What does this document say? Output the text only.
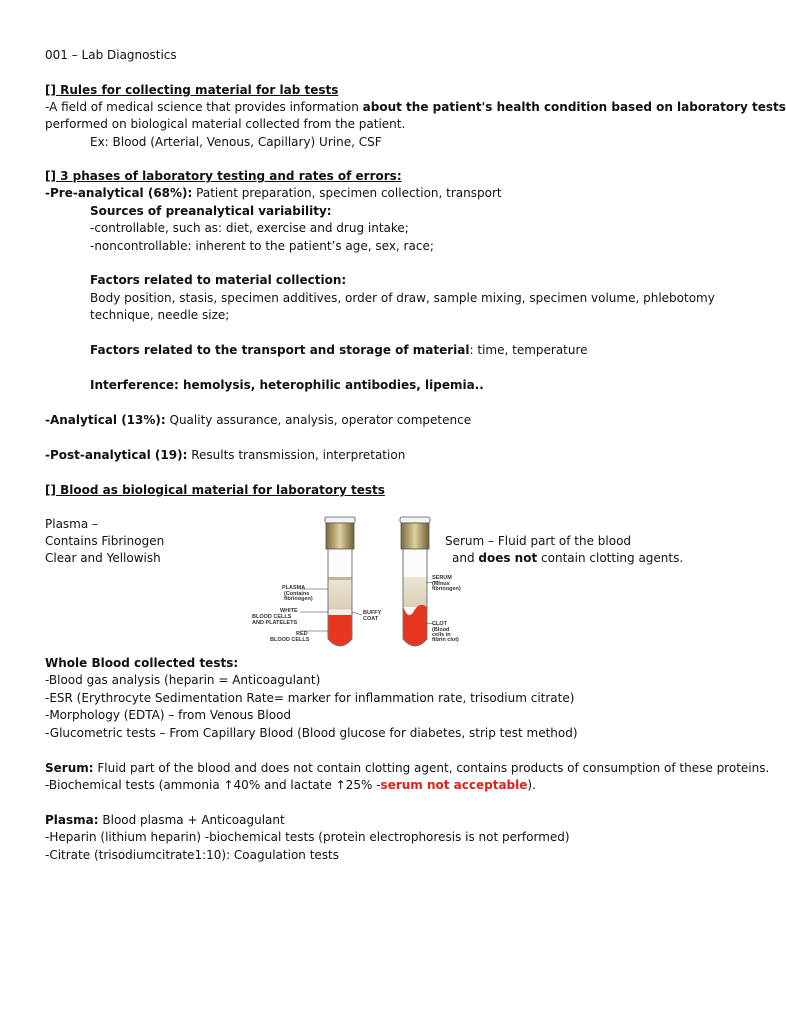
001 – Lab Diagnostics
[] Rules for collecting material for lab tests
-A field of medical science that provides information about the patient's health condition based on laboratory tests
performed on biological material collected from the patient.
Ex: Blood (Arterial, Venous, Capillary) Urine, CSF
[] 3 phases of laboratory testing and rates of errors:
-Pre-analytical (68%): Patient preparation, specimen collection, transport
Sources of preanalytical variability:
-controllable, such as: diet, exercise and drug intake;
-noncontrollable: inherent to the patient’s age, sex, race;
Factors related to material collection:
Body position, stasis, specimen additives, order of draw, sample mixing, specimen volume, phlebotomy
technique, needle size;
Factors related to the transport and storage of material: time, temperature
Interference: hemolysis, heterophilic antibodies, lipemia..
-Analytical (13%): Quality assurance, analysis, operator competence
-Post-analytical (19): Results transmission, interpretation
[] Blood as biological material for laboratory tests
Plasma –
Contains Fibrinogen
Clear and Yellowish
Serum – Fluid part of the blood
and does not contain clotting agents.
PLASMA
(Contains
fibrinogen)
WHITE
BLOOD CELLS
AND PLATELETS
BUFFY
COAT
RED
BLOOD CELLS
SERUM
(Minus
fibrinogen)
CLOT
(Blood
cells in
fibrin clot)
Whole Blood collected tests:
-Blood gas analysis (heparin = Anticoagulant)
-ESR (Erythrocyte Sedimentation Rate= marker for inflammation rate, trisodium citrate)
-Morphology (EDTA) – from Venous Blood
-Glucometric tests – From Capillary Blood (Blood glucose for diabetes, strip test method)
Serum: Fluid part of the blood and does not contain clotting agent, contains products of consumption of these proteins.
-Biochemical tests (ammonia ↑40% and lactate ↑25% -serum not acceptable).
Plasma: Blood plasma + Anticoagulant
-Heparin (lithium heparin) -biochemical tests (protein electrophoresis is not performed)
-Citrate (trisodiumcitrate1:10): Coagulation tests
